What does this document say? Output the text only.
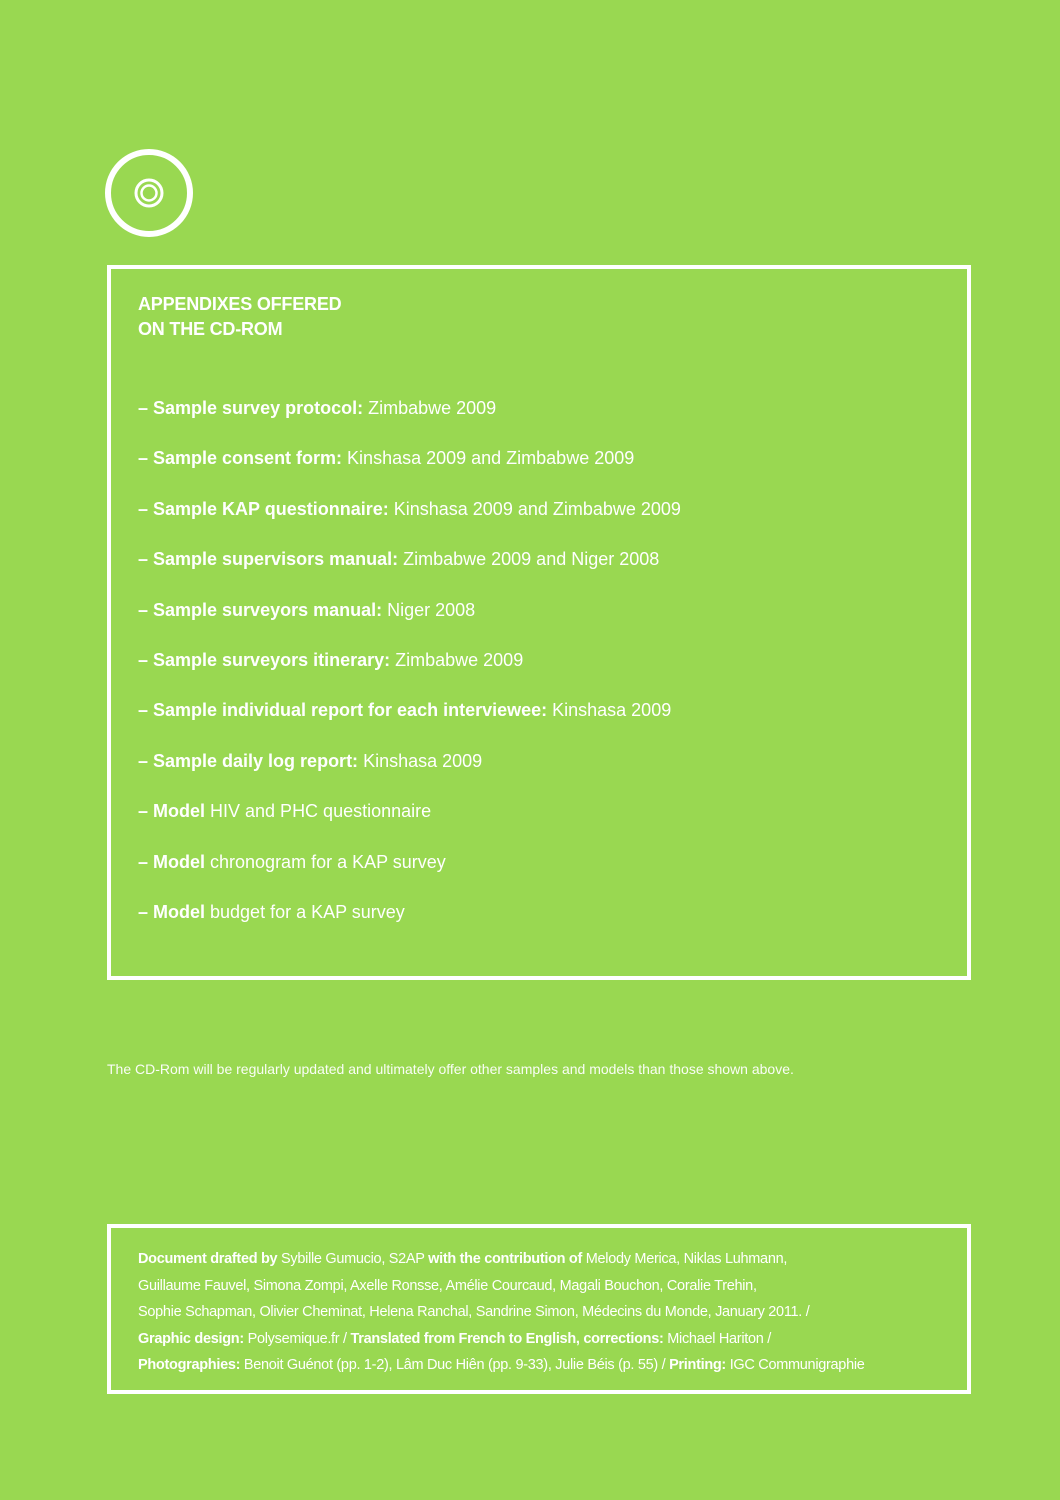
APPENDIXES OFFERED
ON THE CD-ROM
– Sample survey protocol: Zimbabwe 2009
– Sample consent form: Kinshasa 2009 and Zimbabwe 2009
– Sample KAP questionnaire: Kinshasa 2009 and Zimbabwe 2009
– Sample supervisors manual: Zimbabwe 2009 and Niger 2008
– Sample surveyors manual: Niger 2008
– Sample surveyors itinerary: Zimbabwe 2009
– Sample individual report for each interviewee: Kinshasa 2009
– Sample daily log report: Kinshasa 2009
– Model HIV and PHC questionnaire
– Model chronogram for a KAP survey
– Model budget for a KAP survey

The CD-Rom will be regularly updated and ultimately offer other samples and models than those shown above.

Document drafted by Sybille Gumucio, S2AP with the contribution of Melody Merica, Niklas Luhmann,
Guillaume Fauvel, Simona Zompi, Axelle Ronsse, Amélie Courcaud, Magali Bouchon, Coralie Trehin,
Sophie Schapman, Olivier Cheminat, Helena Ranchal, Sandrine Simon, Médecins du Monde, January 2011. /
Graphic design: Polysemique.fr / Translated from French to English, corrections: Michael Hariton /
Photographies: Benoit Guénot (pp. 1-2), Lâm Duc Hiên (pp. 9-33), Julie Béis (p. 55) / Printing: IGC Communigraphie
